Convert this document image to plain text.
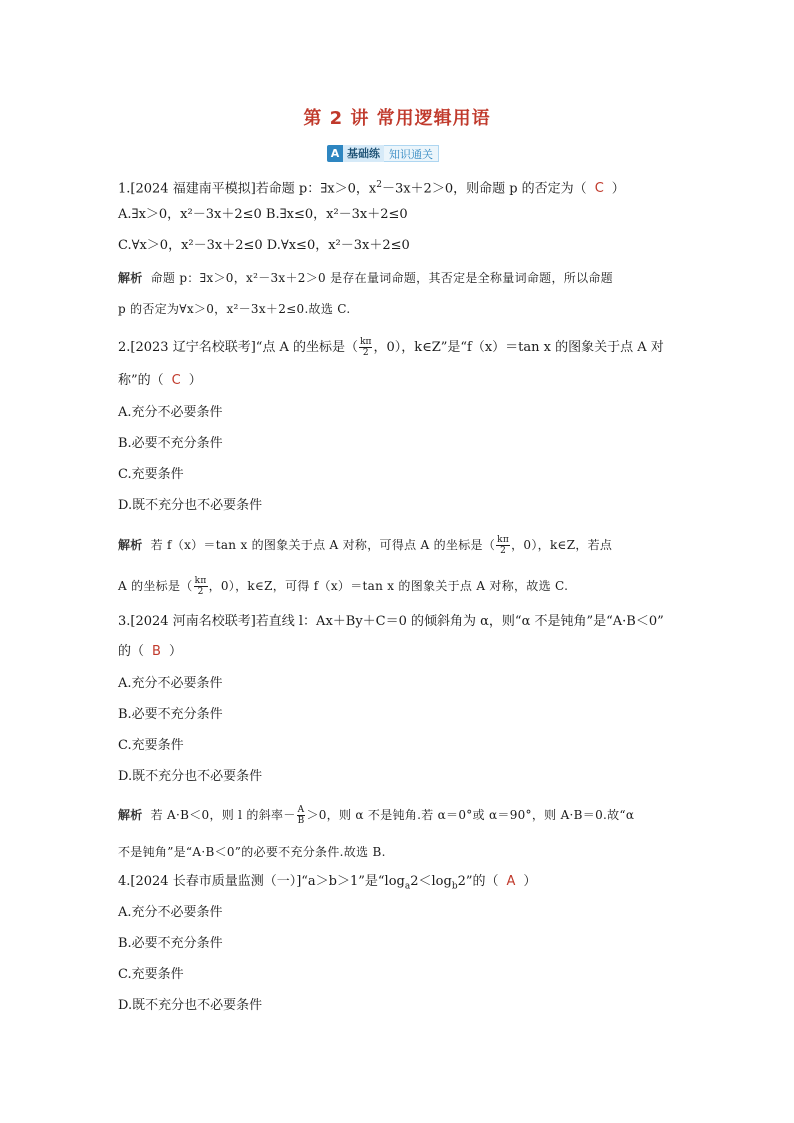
第 2 讲 常用逻辑用语
A 基础练 知识通关
1.[2024 福建南平模拟]若命题 p：∃x＞0，$x^2-3x+2>0$，则命题 p 的否定为（ C ）
A.∃x＞0，x²－3x＋2≤0 B.∃x≤0，x²－3x＋2≤0
C.∀x＞0，x²－3x＋2≤0 D.∀x≤0，x²－3x＋2≤0
解析 命题 p：∃x＞0，x²－3x＋2＞0 是存在量词命题，其否定是全称量词命题，所以命题
p 的否定为∀x＞0，x²－3x＋2≤0.故选 C.
2.[2023 辽宁名校联考]“点 A 的坐标是（ $\frac{k\pi}{2}$ ，0），k∈Z”是“f（x）＝tan x 的图象关于点 A 对
称”的（ C ）
A.充分不必要条件
B.必要不充分条件
C.充要条件
D.既不充分也不必要条件
解析 若 f（x）＝tan x 的图象关于点 A 对称，可得点 A 的坐标是（ $\frac{k\pi}{2}$ ，0），k∈Z，若点
A 的坐标是（ $\frac{k\pi}{2}$ ，0），k∈Z，可得 f（x）＝tan x 的图象关于点 A 对称，故选 C.
3.[2024 河南名校联考]若直线 l：Ax＋By＋C＝0 的倾斜角为 α，则“α 不是钝角”是“A·B＜0”
的（ B ）
A.充分不必要条件
B.必要不充分条件
C.充要条件
D.既不充分也不必要条件
解析 若 A·B＜0，则 l 的斜率－ $\frac{A}{B} >0$，则 α 不是钝角.若 α＝0°或 α＝90°，则 A·B＝0.故“α
不是钝角”是“A·B＜0”的必要不充分条件.故选 B.
4.[2024 长春市质量监测（一）]“a＞b＞1”是“$\log_a2<\log_b2$”的（ A ）
A.充分不必要条件
B.必要不充分条件
C.充要条件
D.既不充分也不必要条件
